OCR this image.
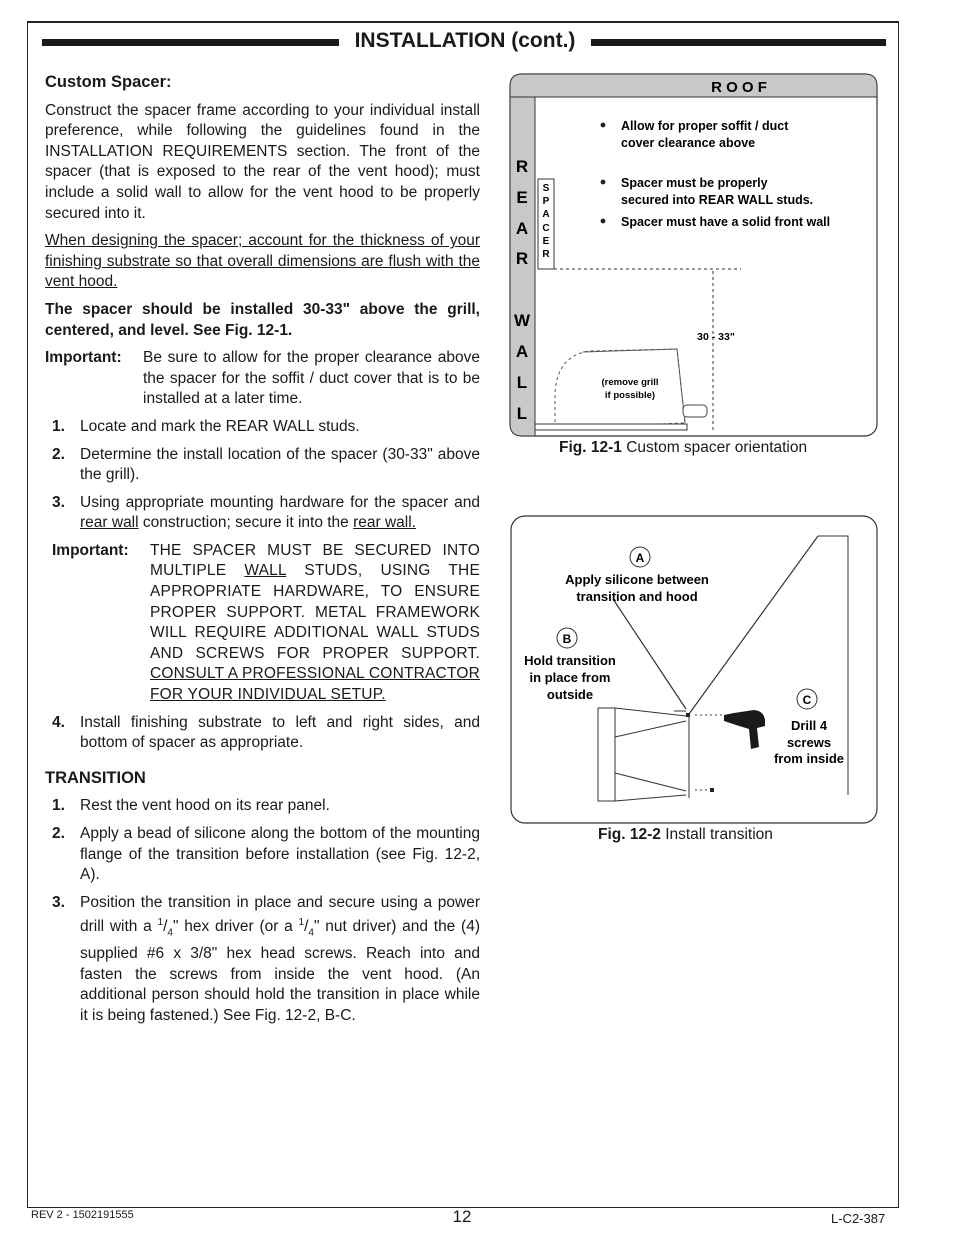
INSTALLATION (cont.)
Custom Spacer:

Construct the spacer frame according to your individual install preference, while following the guidelines found in the INSTALLATION REQUIREMENTS section. The front of the spacer (that is exposed to the rear of the vent hood); must include a solid wall to allow for the vent hood to be properly secured into it.

When designing the spacer; account for the thickness of your finishing substrate so that overall dimensions are flush with the vent hood.

The spacer should be installed 30-33" above the grill, centered, and level. See Fig. 12-1.

Important:	Be sure to allow for the proper clearance above the spacer for the soffit / duct cover that is to be installed at a later time.
1. Locate and mark the REAR WALL studs.
2. Determine the install location of the spacer (30-33" above the grill).
3. Using appropriate mounting hardware for the spacer and rear wall construction; secure it into the rear wall.
Important:	THE SPACER MUST BE SECURED INTO MULTIPLE WALL STUDS, USING THE APPROPRIATE HARDWARE, TO ENSURE PROPER SUPPORT. METAL FRAMEWORK WILL REQUIRE ADDITIONAL WALL STUDS AND SCREWS FOR PROPER SUPPORT. CONSULT A PROFESSIONAL CONTRACTOR FOR YOUR INDIVIDUAL SETUP.
4. Install finishing substrate to left and right sides, and bottom of spacer as appropriate.
TRANSITION
1. Rest the vent hood on its rear panel.
2. Apply a bead of silicone along the bottom of the mounting flange of the transition before installation (see Fig. 12-2, A).
3. Position the transition in place and secure using a power drill with a $^1/_4$" hex driver (or a $^1/_4$" nut driver) and the (4) supplied #6 x 3/8" hex head screws. Reach into and fasten the screws from inside the vent hood. (An additional person should hold the transition in place while it is being fastened.) See Fig. 12-2, B-C.
R O O F
R
E
A
R
W
A
L
L
S
P
A
C
E
R
30 - 33"
Allow for proper soffit / duct
cover clearance above
Spacer must be properly
secured into REAR WALL studs.
Spacer must have a solid front wall
(remove grill
if possible)
Fig. 12-1 Custom spacer orientation
A
Apply silicone between
transition and hood
B
Hold transition
in place from
outside	C
Drill 4
screws
from inside
Fig. 12-2 Install transition
REV 2 - 1502191555	12	L-C2-387
